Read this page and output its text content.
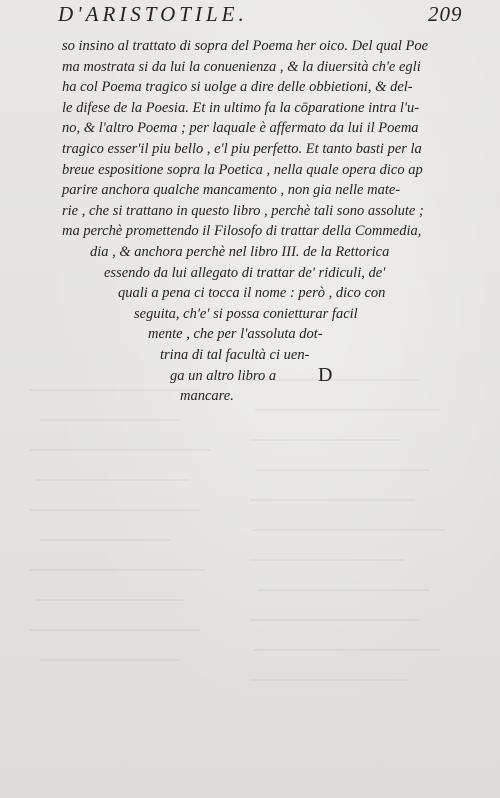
D'ARISTOTILE.	209
so insino al trattato di sopra del Poema her oico. Del qual Poe
ma mostrata si da lui la conuenienza , & la diuersità ch'e egli
ha col Poema tragico si uolge a dire delle obbietioni, & del-
le difese de la Poesia. Et in ultimo fa la cōparatione intra l'u-
no, & l'altro Poema ; per laquale è affermato da lui il Poema
tragico esser'il piu bello , e'l piu perfetto. Et tanto basti per la
breue espositione sopra la Poetica , nella quale opera dico ap
parire anchora qualche mancamento , non gia nelle mate-
rie , che si trattano in questo libro , perchè tali sono assolute ;
ma perchè promettendo il Filosofo di trattar della Commedia,
dia , & anchora perchè nel libro III. de la Rettorica
essendo da lui allegato di trattar de' ridiculi, de'
quali a pena ci tocca il nome : però , dico con
seguita, ch'e' si possa conietturar facil
mente , che per l'assoluta dot-
trina di tal facultà ci uen-
ga un altro libro a
mancare.
D
